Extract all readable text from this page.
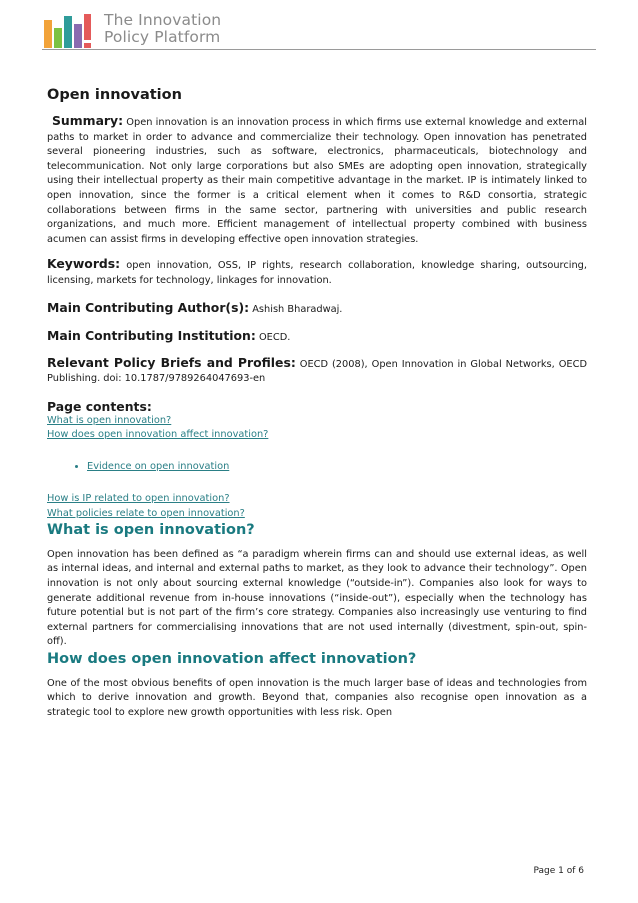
The Innovation
Policy Platform
Open innovation
Summary: Open innovation is an innovation process in which firms use external knowledge and external paths to market in order to advance and commercialize their technology. Open innovation has penetrated several pioneering industries, such as software, electronics, pharmaceuticals, biotechnology and telecommunication. Not only large corporations but also SMEs are adopting open innovation, strategically using their intellectual property as their main competitive advantage in the market. IP is intimately linked to open innovation, since the former is a critical element when it comes to R&D consortia, strategic collaborations between firms in the same sector, partnering with universities and public research organizations, and much more. Efficient management of intellectual property combined with business acumen can assist firms in developing effective open innovation strategies.
Keywords: open innovation, OSS, IP rights, research collaboration, knowledge sharing, outsourcing, licensing, markets for technology, linkages for innovation.
Main Contributing Author(s): Ashish Bharadwaj.
Main Contributing Institution: OECD.
Relevant Policy Briefs and Profiles: OECD (2008), Open Innovation in Global Networks, OECD Publishing. doi: 10.1787/9789264047693-en
Page contents:
What is open innovation?
How does open innovation affect innovation?
• Evidence on open innovation
How is IP related to open innovation?
What policies relate to open innovation?
What is open innovation?
Open innovation has been defined as “a paradigm wherein firms can and should use external ideas, as well as internal ideas, and internal and external paths to market, as they look to advance their technology”. Open innovation is not only about sourcing external knowledge (“outside-in”). Companies also look for ways to generate additional revenue from in-house innovations (“inside-out”), especially when the technology has future potential but is not part of the firm’s core strategy. Companies also increasingly use venturing to find external partners for commercialising innovations that are not used internally (divestment, spin-out, spin-off).
How does open innovation affect innovation?
One of the most obvious benefits of open innovation is the much larger base of ideas and technologies from which to derive innovation and growth. Beyond that, companies also recognise open innovation as a strategic tool to explore new growth opportunities with less risk. Open
Page 1 of 6
